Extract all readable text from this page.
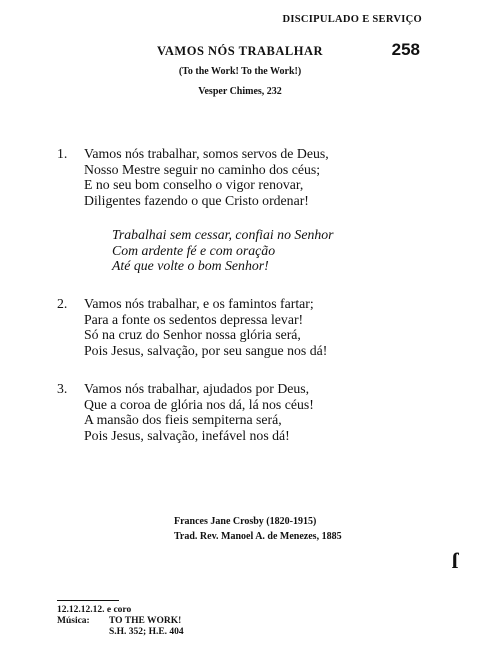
DISCIPULADO E SERVIÇO
VAMOS NÓS TRABALHAR	258
(To the Work! To the Work!)
Vesper Chimes, 232
1.	Vamos nós trabalhar, somos servos de Deus,
Nosso Mestre seguir no caminho dos céus;
E no seu bom conselho o vigor renovar,
Diligentes fazendo o que Cristo ordenar!
Trabalhai sem cessar, confiai no Senhor
Com ardente fé e com oração
Até que volte o bom Senhor!
2.	Vamos nós trabalhar, e os famintos fartar;
Para a fonte os sedentos depressa levar!
Só na cruz do Senhor nossa glória será,
Pois Jesus, salvação, por seu sangue nos dá!
3.	Vamos nós trabalhar, ajudados por Deus,
Que a coroa de glória nos dá, lá nos céus!
A mansão dos fieis sempiterna será,
Pois Jesus, salvação, inefável nos dá!
Frances Jane Crosby (1820-1915)
Trad. Rev. Manoel A. de Menezes, 1885
ſ
12.12.12.12. e coro
Música: TO THE WORK!
S.H. 352; H.E. 404
